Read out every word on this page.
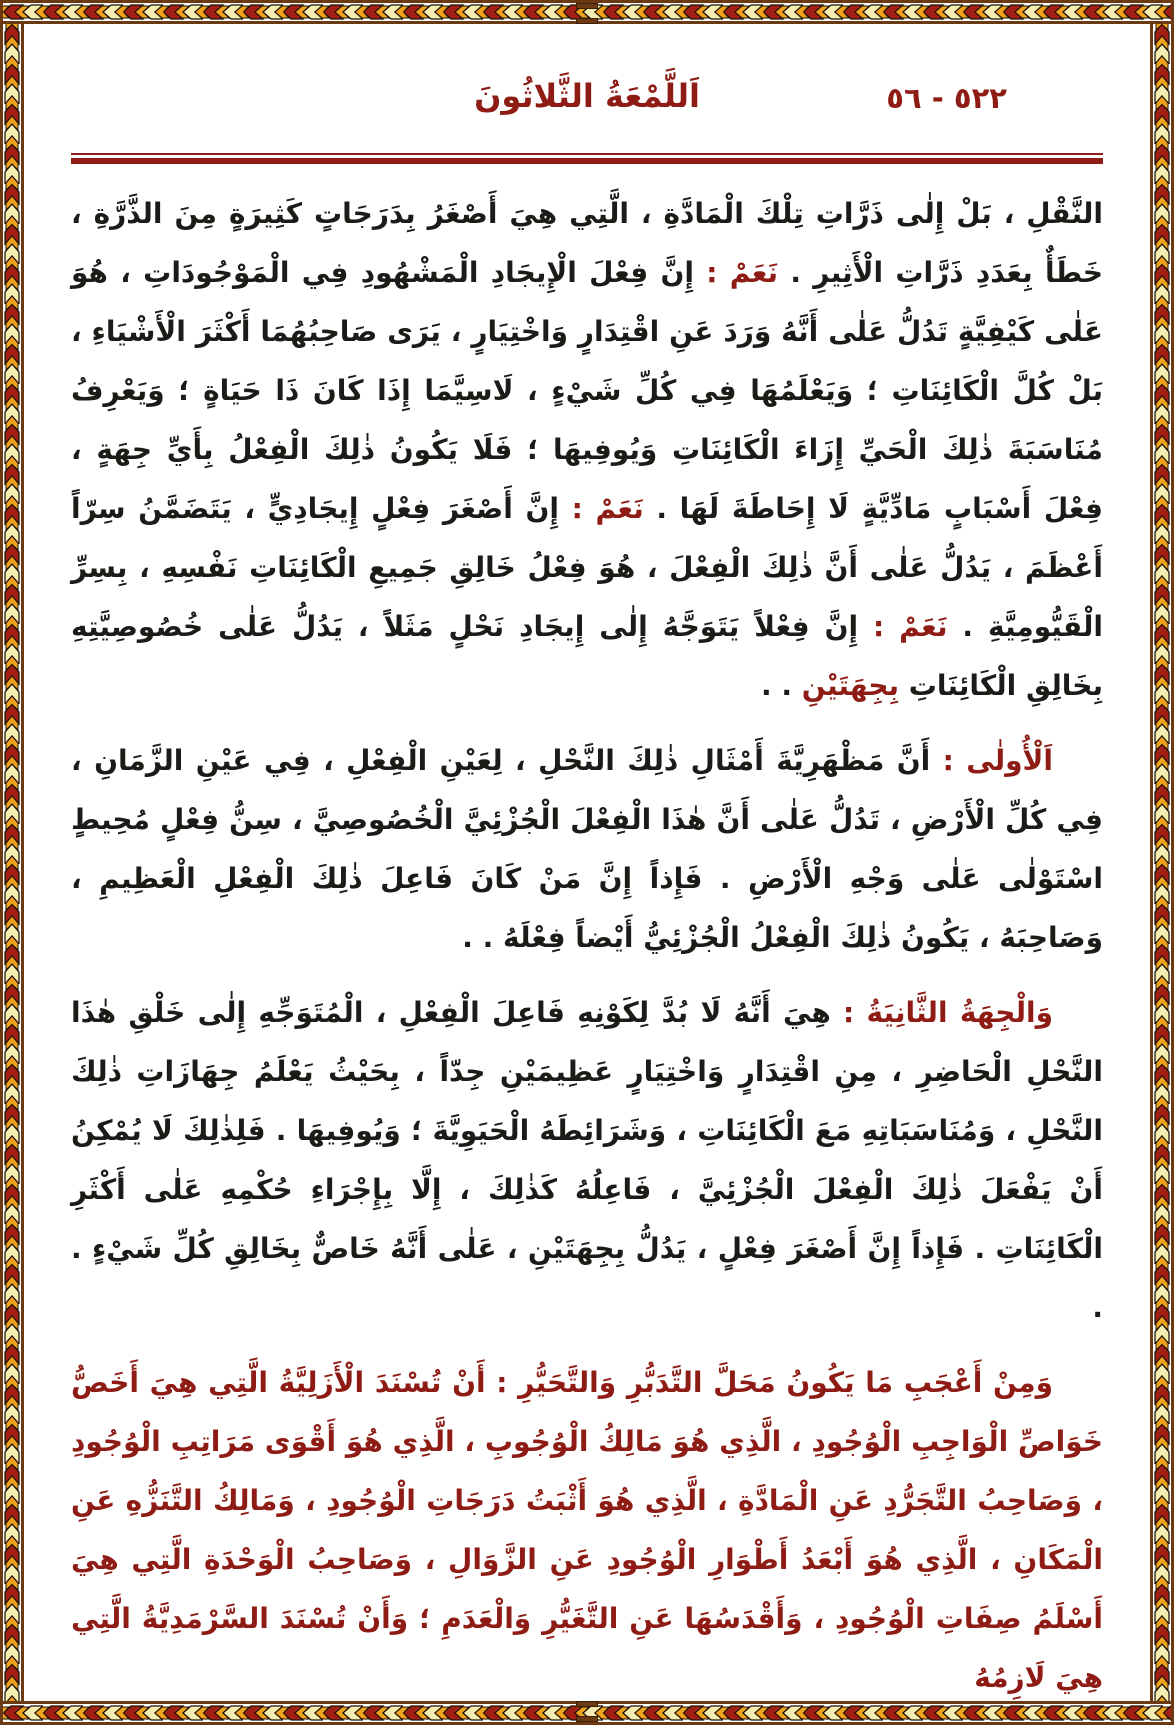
٥٢٢ - ٥٦
اَللَّمْعَةُ الثَّلاثُونَ

النَّقْلِ ، بَلْ إِلٰى ذَرَّاتِ تِلْكَ الْمَادَّةِ ، الَّتِي هِيَ أَصْغَرُ بِدَرَجَاتٍ كَثِيرَةٍ مِنَ الذَّرَّةِ ، خَطَأٌ بِعَدَدِ ذَرَّاتِ الْأَثِيرِ . نَعَمْ : إِنَّ فِعْلَ الْإِيجَادِ الْمَشْهُودِ فِي الْمَوْجُودَاتِ ، هُوَ عَلٰى كَيْفِيَّةٍ تَدُلُّ عَلٰى أَنَّهُ وَرَدَ عَنِ اقْتِدَارٍ وَاخْتِيَارٍ ، يَرَى صَاحِبُهُمَا أَكْثَرَ الْأَشْيَاءِ ، بَلْ كُلَّ الْكَائِنَاتِ ؛ وَيَعْلَمُهَا فِي كُلِّ شَيْءٍ ، لَاسِيَّمَا إِذَا كَانَ ذَا حَيَاةٍ ؛ وَيَعْرِفُ مُنَاسَبَةَ ذٰلِكَ الْحَيِّ إِزَاءَ الْكَائِنَاتِ وَيُوفِيهَا ؛ فَلَا يَكُونُ ذٰلِكَ الْفِعْلُ بِأَيِّ جِهَةٍ ، فِعْلَ أَسْبَابٍ مَادِّيَّةٍ لَا إِحَاطَةَ لَهَا . نَعَمْ : إِنَّ أَصْغَرَ فِعْلٍ إِيجَادِيٍّ ، يَتَضَمَّنُ سِرّاً أَعْظَمَ ، يَدُلُّ عَلٰى أَنَّ ذٰلِكَ الْفِعْلَ ، هُوَ فِعْلُ خَالِقِ جَمِيعِ الْكَائِنَاتِ نَفْسِهِ ، بِسِرِّ الْقَيُّومِيَّةِ . نَعَمْ : إِنَّ فِعْلاً يَتَوَجَّهُ إِلٰى إِيجَادِ نَحْلٍ مَثَلاً ، يَدُلُّ عَلٰى خُصُوصِيَّتِهِ بِخَالِقِ الْكَائِنَاتِ بِجِهَتَيْنِ . .

اَلْأُولٰى : أَنَّ مَظْهَرِيَّةَ أَمْثَالِ ذٰلِكَ النَّحْلِ ، لِعَيْنِ الْفِعْلِ ، فِي عَيْنِ الزَّمَانِ ، فِي كُلِّ الْأَرْضِ ، تَدُلُّ عَلٰى أَنَّ هٰذَا الْفِعْلَ الْجُزْئِيَّ الْخُصُوصِيَّ ، سِنُّ فِعْلٍ مُحِيطٍ اسْتَوْلٰى عَلٰى وَجْهِ الْأَرْضِ . فَإِذاً إِنَّ مَنْ كَانَ فَاعِلَ ذٰلِكَ الْفِعْلِ الْعَظِيمِ ، وَصَاحِبَهُ ، يَكُونُ ذٰلِكَ الْفِعْلُ الْجُزْئِيُّ أَيْضاً فِعْلَهُ . .

وَالْجِهَةُ الثَّانِيَةُ : هِيَ أَنَّهُ لَا بُدَّ لِكَوْنِهِ فَاعِلَ الْفِعْلِ ، الْمُتَوَجِّهِ إِلٰى خَلْقِ هٰذَا النَّحْلِ الْحَاضِرِ ، مِنِ اقْتِدَارٍ وَاخْتِيَارٍ عَظِيمَيْنِ جِدّاً ، بِحَيْثُ يَعْلَمُ جِهَازَاتِ ذٰلِكَ النَّحْلِ ، وَمُنَاسَبَاتِهِ مَعَ الْكَائِنَاتِ ، وَشَرَائِطَهُ الْحَيَوِيَّةَ ؛ وَيُوفِيهَا . فَلِذٰلِكَ لَا يُمْكِنُ أَنْ يَفْعَلَ ذٰلِكَ الْفِعْلَ الْجُزْئِيَّ ، فَاعِلُهُ كَذٰلِكَ ، إِلَّا بِإِجْرَاءِ حُكْمِهِ عَلٰى أَكْثَرِ الْكَائِنَاتِ . فَإِذاً إِنَّ أَصْغَرَ فِعْلٍ ، يَدُلُّ بِجِهَتَيْنِ ، عَلٰى أَنَّهُ خَاصٌّ بِخَالِقِ كُلِّ شَيْءٍ . .

وَمِنْ أَعْجَبِ مَا يَكُونُ مَحَلَّ التَّدَبُّرِ وَالتَّحَيُّرِ : أَنْ تُسْنَدَ الْأَزَلِيَّةُ الَّتِي هِيَ أَخَصُّ خَوَاصِّ الْوَاجِبِ الْوُجُودِ ، الَّذِي هُوَ مَالِكُ الْوُجُوبِ ، الَّذِي هُوَ أَقْوَى مَرَاتِبِ الْوُجُودِ ، وَصَاحِبُ التَّجَرُّدِ عَنِ الْمَادَّةِ ، الَّذِي هُوَ أَثْبَتُ دَرَجَاتِ الْوُجُودِ ، وَمَالِكُ التَّنَزُّهِ عَنِ الْمَكَانِ ، الَّذِي هُوَ أَبْعَدُ أَطْوَارِ الْوُجُودِ عَنِ الزَّوَالِ ، وَصَاحِبُ الْوَحْدَةِ الَّتِي هِيَ أَسْلَمُ صِفَاتِ الْوُجُودِ ، وَأَقْدَسُهَا عَنِ التَّغَيُّرِ وَالْعَدَمِ ؛ وَأَنْ تُسْنَدَ السَّرْمَدِيَّةُ الَّتِي هِيَ لَازِمُهُ
